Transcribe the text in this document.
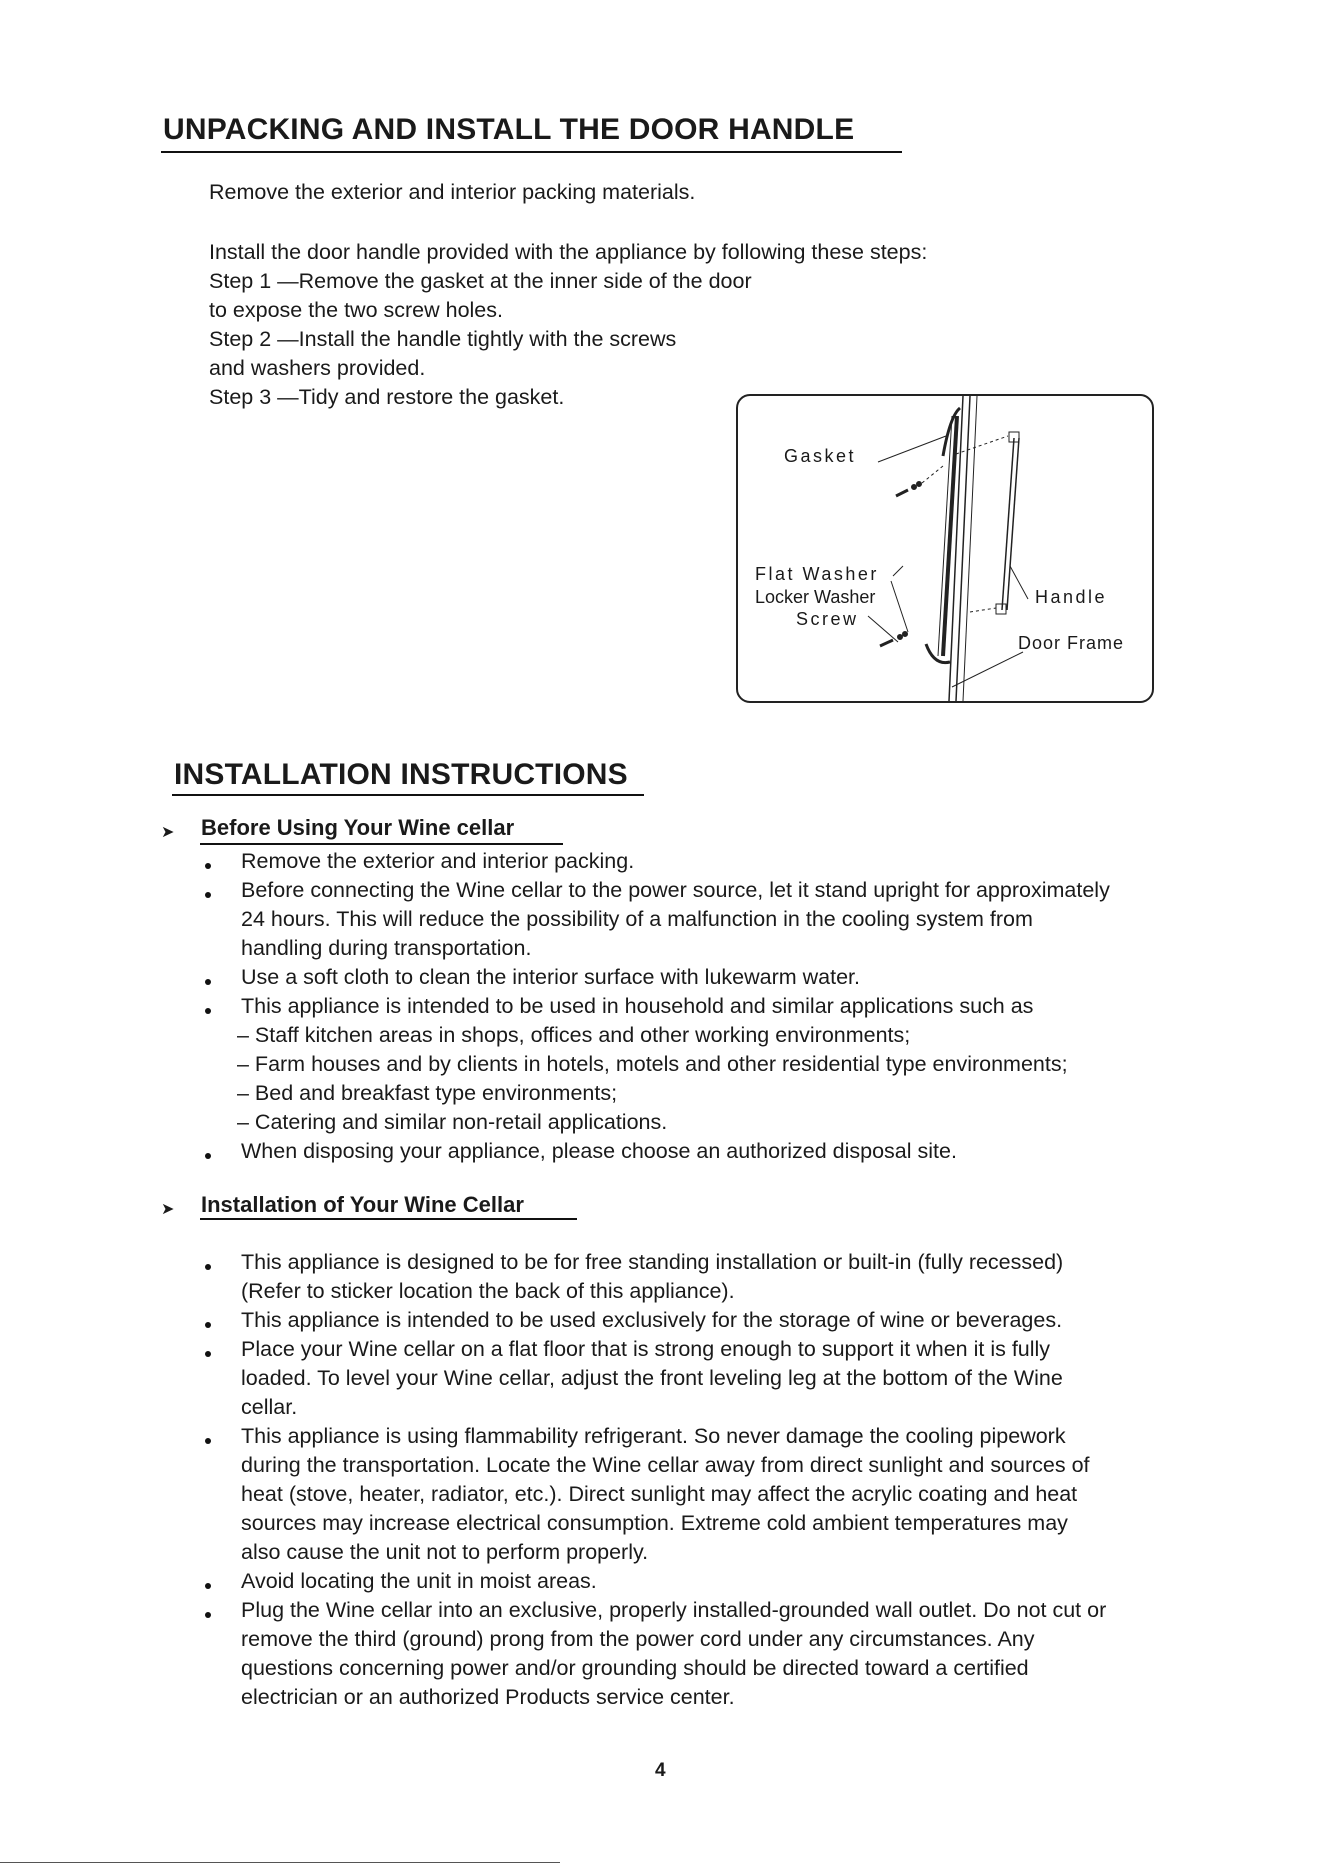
UNPACKING AND INSTALL THE DOOR HANDLE
Remove the exterior and interior packing materials.
Install the door handle provided with the appliance by following these steps:
Step 1 —Remove the gasket at the inner side of the door
to expose the two screw holes.
Step 2 —Install the handle tightly with the screws
and washers provided.
Step 3 —Tidy and restore the gasket.
Gasket
Flat Washer
Locker Washer
Screw
Handle
Door Frame
INSTALLATION INSTRUCTIONS
➤ Before Using Your Wine cellar
Remove the exterior and interior packing.
Before connecting the Wine cellar to the power source, let it stand upright for approximately
24 hours. This will reduce the possibility of a malfunction in the cooling system from
handling during transportation.
Use a soft cloth to clean the interior surface with lukewarm water.
This appliance is intended to be used in household and similar applications such as
– Staff kitchen areas in shops, offices and other working environments;
– Farm houses and by clients in hotels, motels and other residential type environments;
– Bed and breakfast type environments;
– Catering and similar non-retail applications.
When disposing your appliance, please choose an authorized disposal site.
➤ Installation of Your Wine Cellar
This appliance is designed to be for free standing installation or built-in (fully recessed)
(Refer to sticker location the back of this appliance).
This appliance is intended to be used exclusively for the storage of wine or beverages.
Place your Wine cellar on a flat floor that is strong enough to support it when it is fully
loaded. To level your Wine cellar, adjust the front leveling leg at the bottom of the Wine
cellar.
This appliance is using flammability refrigerant. So never damage the cooling pipework
during the transportation. Locate the Wine cellar away from direct sunlight and sources of
heat (stove, heater, radiator, etc.). Direct sunlight may affect the acrylic coating and heat
sources may increase electrical consumption. Extreme cold ambient temperatures may
also cause the unit not to perform properly.
Avoid locating the unit in moist areas.
Plug the Wine cellar into an exclusive, properly installed-grounded wall outlet. Do not cut or
remove the third (ground) prong from the power cord under any circumstances. Any
questions concerning power and/or grounding should be directed toward a certified
electrician or an authorized Products service center.
4
